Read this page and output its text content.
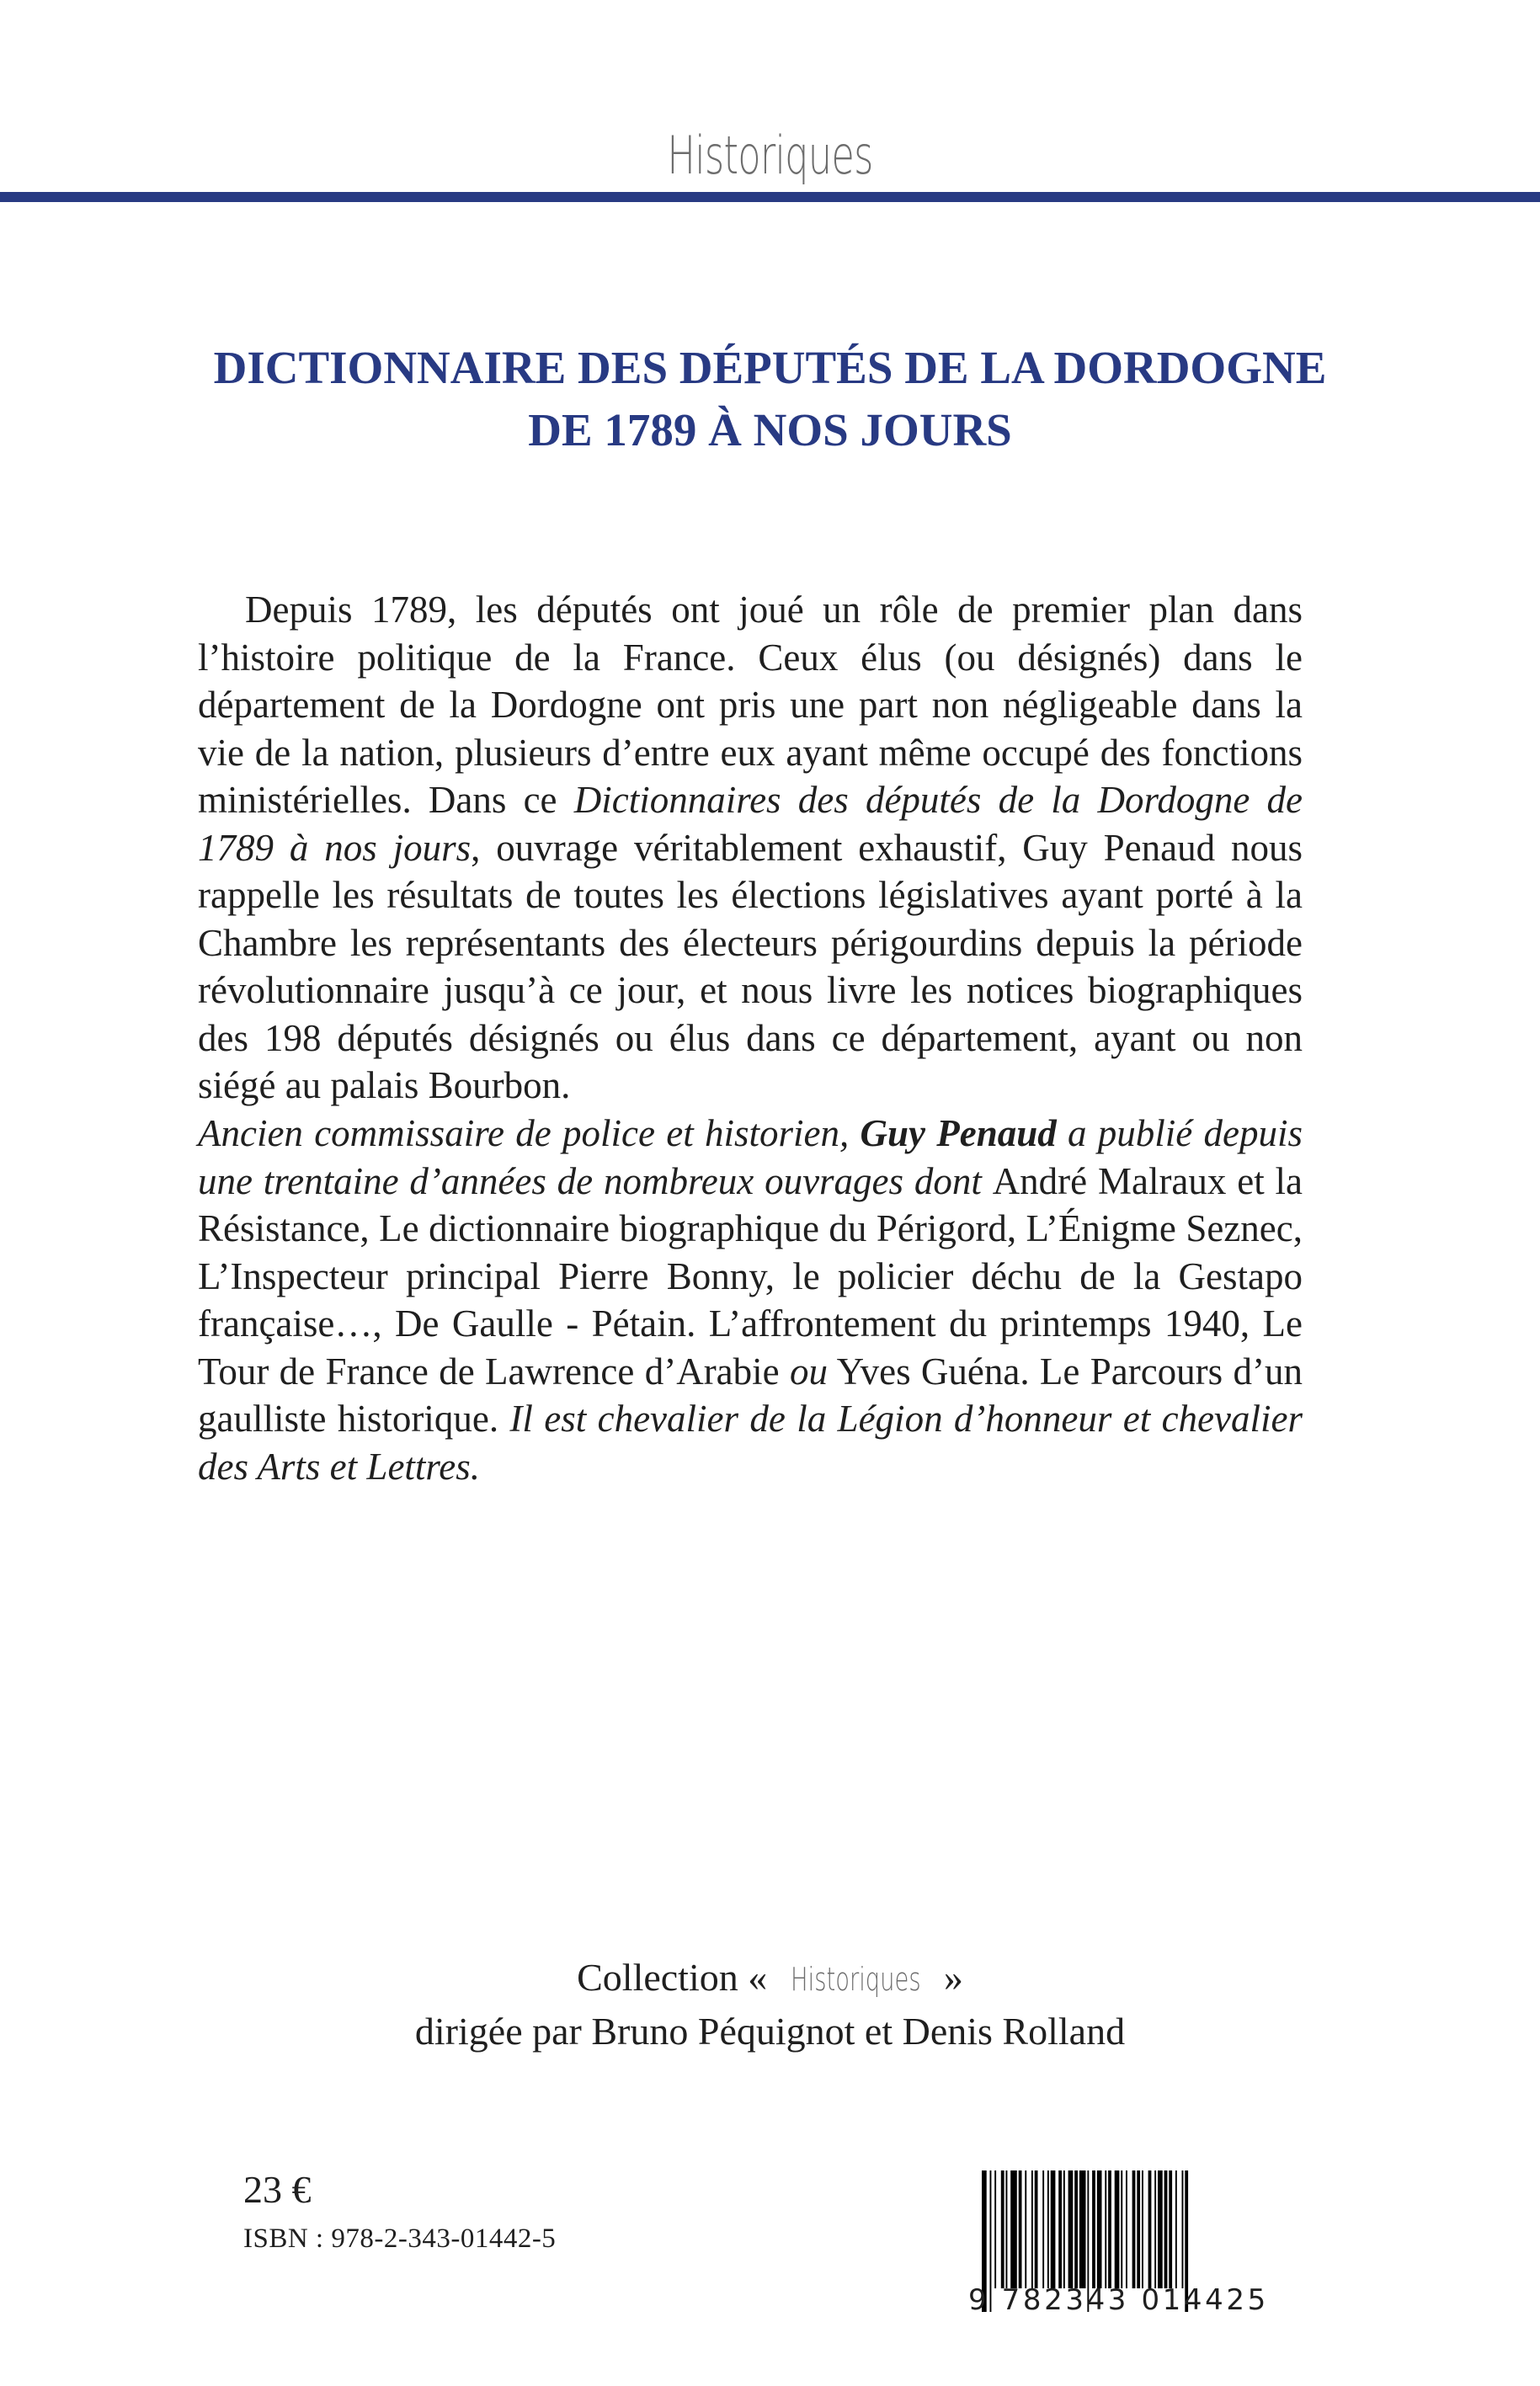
Historiques
DICTIONNAIRE DES DÉPUTÉS DE LA DORDOGNE
DE 1789 À NOS JOURS
Depuis 1789, les députés ont joué un rôle de premier plan dans l’histoire politique de la France. Ceux élus (ou désignés) dans le département de la Dordogne ont pris une part non négligeable dans la vie de la nation, plusieurs d’entre eux ayant même occupé des fonctions ministérielles. Dans ce Dictionnaires des députés de la Dordogne de 1789 à nos jours, ouvrage véritablement exhaustif, Guy Penaud nous rappelle les résultats de toutes les élections législatives ayant porté à la Chambre les représentants des électeurs périgourdins depuis la période révolutionnaire jusqu’à ce jour, et nous livre les notices biographiques des 198 députés désignés ou élus dans ce département, ayant ou non siégé au palais Bourbon.
Ancien commissaire de police et historien, Guy Penaud a publié depuis une trentaine d’années de nombreux ouvrages dont André Malraux et la Résistance, Le dictionnaire biographique du Périgord, L’Énigme Seznec, L’Inspecteur principal Pierre Bonny, le policier déchu de la Gestapo française…, De Gaulle - Pétain. L’affrontement du printemps 1940, Le Tour de France de Lawrence d’Arabie ou Yves Guéna. Le Parcours d’un gaulliste historique. Il est chevalier de la Légion d’honneur et chevalier des Arts et Lettres.
Collection « Historiques »
dirigée par Bruno Péquignot et Denis Rolland
23 €
ISBN : 978-2-343-01442-5
9 782343 014425
